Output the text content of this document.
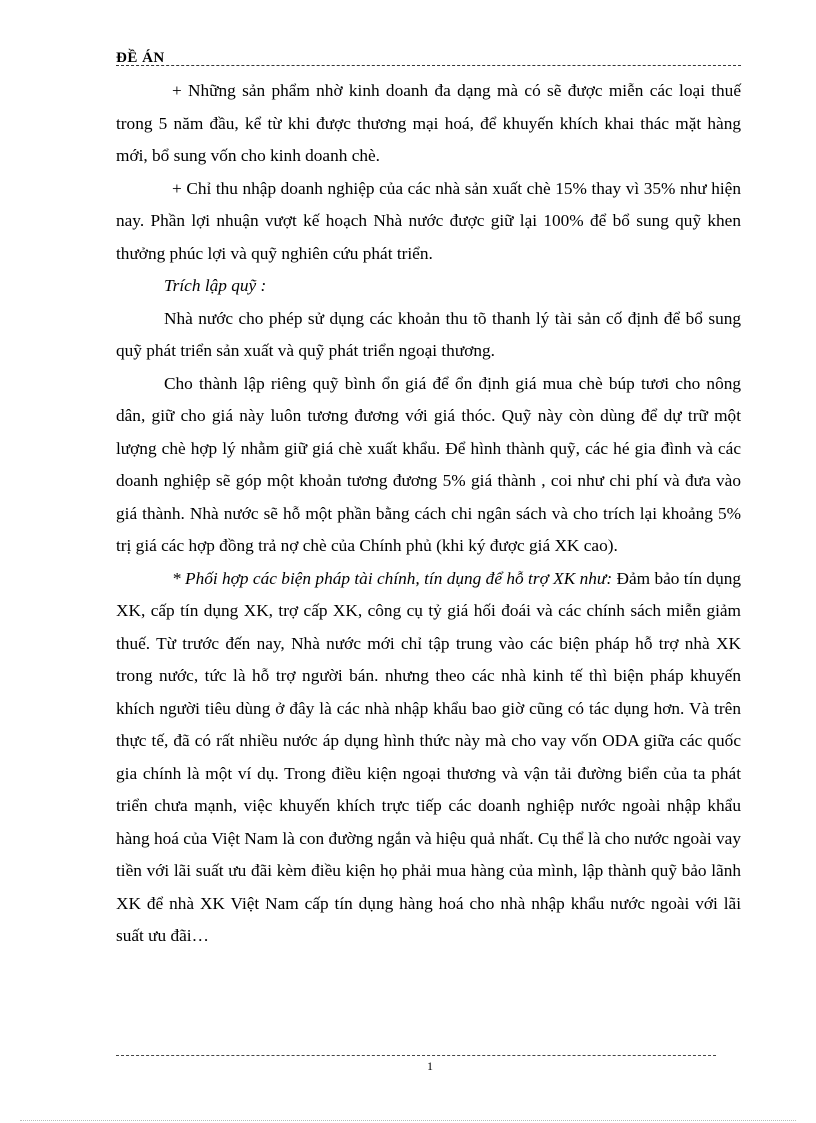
ĐỀ ÁN

+ Những sản phẩm nhờ kinh doanh đa dạng mà có sẽ được miễn các loại thuế trong 5 năm đầu, kể từ khi được thương mại hoá, để khuyến khích khai thác mặt hàng mới, bổ sung vốn cho kinh doanh chè.

+ Chỉ thu nhập doanh nghiệp của các nhà sản xuất chè 15% thay vì 35% như hiện nay. Phần lợi nhuận vượt kế hoạch Nhà nước được giữ lại 100% để bổ sung quỹ khen thưởng phúc lợi và quỹ nghiên cứu phát triển.

Trích lập quỹ :

Nhà nước cho phép sử dụng các khoản thu tõ thanh lý tài sản cố định để bổ sung quỹ phát triển sản xuất và quỹ phát triển ngoại thương.

Cho thành lập riêng quỹ bình ổn giá để ổn định giá mua chè búp tươi cho nông dân, giữ cho giá này luôn tương đương với giá thóc. Quỹ này còn dùng để dự trữ một lượng chè hợp lý nhằm giữ giá chè xuất khẩu. Để hình thành quỹ, các hé gia đình và các doanh nghiệp sẽ góp một khoản tương đương 5% giá thành , coi như chi phí và đưa vào giá thành. Nhà nước sẽ hỗ một phần bằng cách chi ngân sách và cho trích lại khoảng 5% trị giá các hợp đồng trả nợ chè của Chính phủ (khi ký được giá XK cao).

* Phối hợp các biện pháp tài chính, tín dụng để hỗ trợ XK như: Đảm bảo tín dụng XK, cấp tín dụng XK, trợ cấp XK, công cụ tỷ giá hối đoái và các chính sách miễn giảm thuế. Từ trước đến nay, Nhà nước mới chỉ tập trung vào các biện pháp hỗ trợ nhà XK trong nước, tức là hỗ trợ người bán. nhưng theo các nhà kinh tế thì biện pháp khuyến khích người tiêu dùng ở đây là các nhà nhập khẩu bao giờ cũng có tác dụng hơn. Và trên thực tế, đã có rất nhiều nước áp dụng hình thức này mà cho vay vốn ODA giữa các quốc gia chính là một ví dụ. Trong điều kiện ngoại thương và vận tải đường biển của ta phát triển chưa mạnh, việc khuyến khích trực tiếp các doanh nghiệp nước ngoài nhập khẩu hàng hoá của Việt Nam là con đường ngắn và hiệu quả nhất. Cụ thể là cho nước ngoài vay tiền với lãi suất ưu đãi kèm điều kiện họ phải mua hàng của mình, lập thành quỹ bảo lãnh XK để nhà XK Việt Nam cấp tín dụng hàng hoá cho nhà nhập khẩu nước ngoài với lãi suất ưu đãi…

1
